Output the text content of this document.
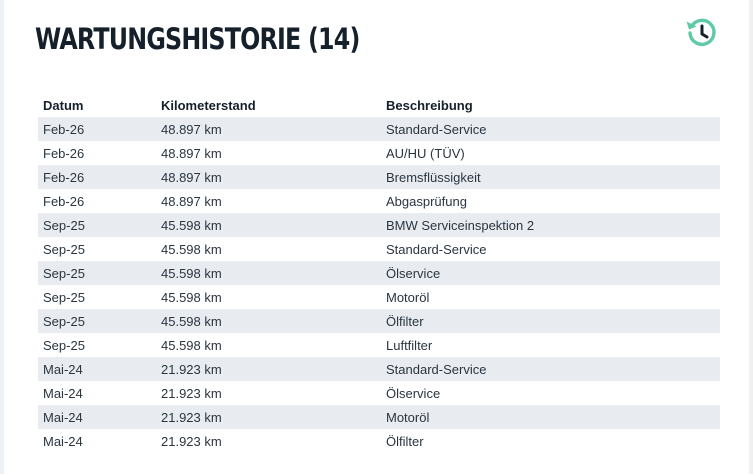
WARTUNGSHISTORIE (14)
Datum	Kilometerstand	Beschreibung
Feb-26	48.897 km	Standard-Service
Feb-26	48.897 km	AU/HU (TÜV)
Feb-26	48.897 km	Bremsflüssigkeit
Feb-26	48.897 km	Abgasprüfung
Sep-25	45.598 km	BMW Serviceinspektion 2
Sep-25	45.598 km	Standard-Service
Sep-25	45.598 km	Ölservice
Sep-25	45.598 km	Motoröl
Sep-25	45.598 km	Ölfilter
Sep-25	45.598 km	Luftfilter
Mai-24	21.923 km	Standard-Service
Mai-24	21.923 km	Ölservice
Mai-24	21.923 km	Motoröl
Mai-24	21.923 km	Ölfilter
